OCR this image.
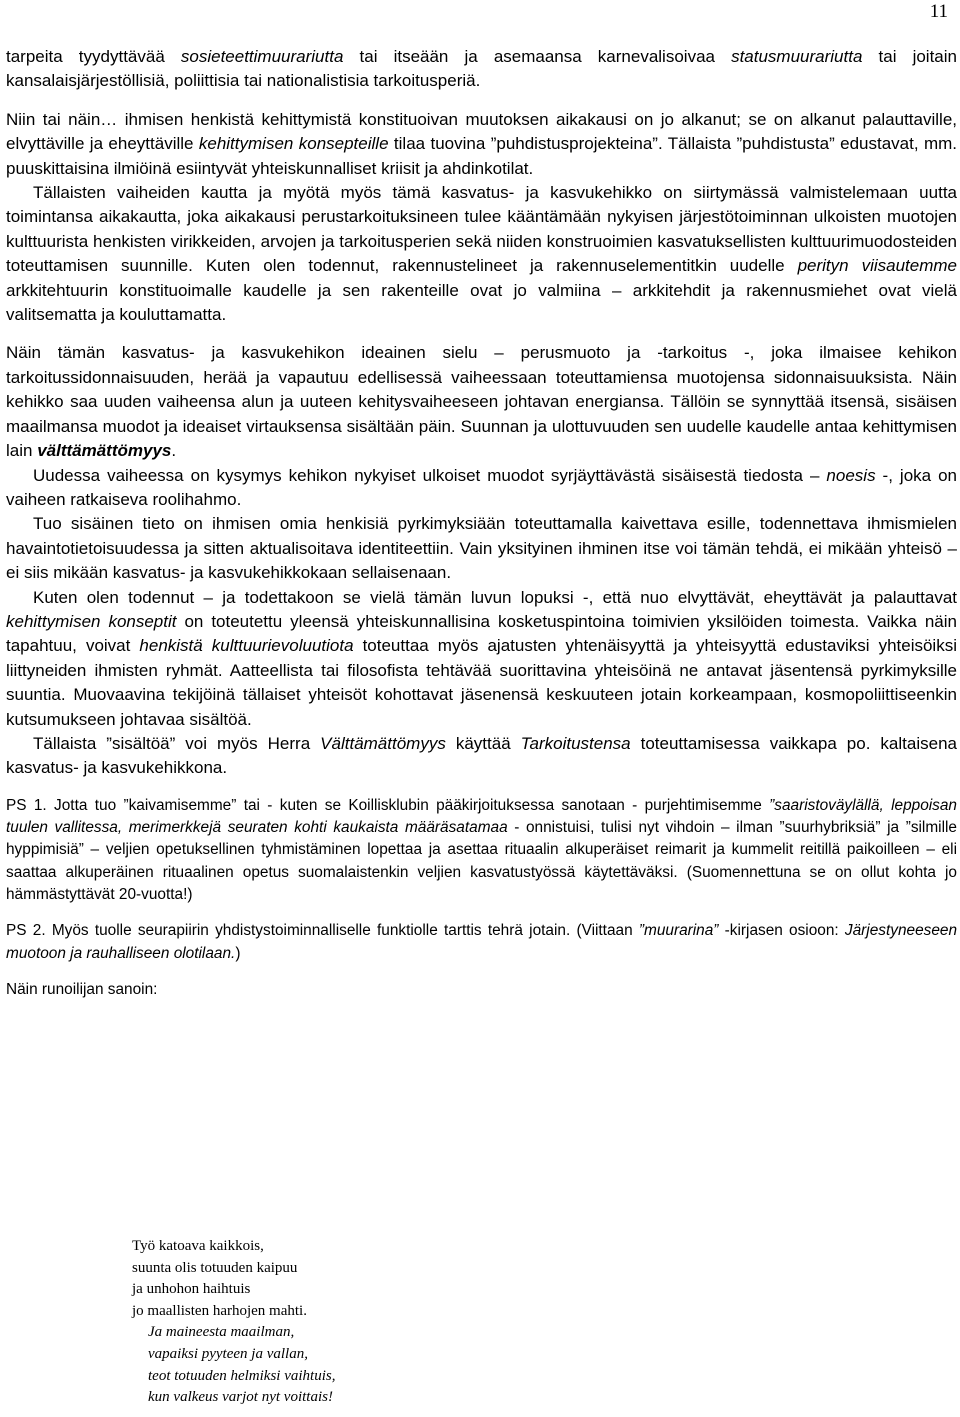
11

tarpeita tyydyttävää sosieteettimuurariutta tai itseään ja asemaansa karnevalisoivaa statusmuurariutta tai joitain kansalaisjärjestöllisiä, poliittisia tai nationalistisia tarkoitusperiä.

Niin tai näin… ihmisen henkistä kehittymistä konstituoivan muutoksen aikakausi on jo alkanut; se on alkanut palauttaville, elvyttäville ja eheyttäville kehittymisen konsepteille tilaa tuovina ”puhdistusprojekteina”. Tällaista ”puhdistusta” edustavat, mm. puuskittaisina ilmiöinä esiintyvät yhteiskunnalliset kriisit ja ahdinkotilat.

Tällaisten vaiheiden kautta ja myötä myös tämä kasvatus- ja kasvukehikko on siirtymässä valmistelemaan uutta toimintansa aikakautta, joka aikakausi perustarkoituksineen tulee kääntämään nykyisen järjestötoiminnan ulkoisten muotojen kulttuurista henkisten virikkeiden, arvojen ja tarkoitusperien sekä niiden konstruoimien kasvatuksellisten kulttuurimuodosteiden toteuttamisen suunnille. Kuten olen todennut, rakennustelineet ja rakennuselementitkin uudelle perityn viisautemme arkkitehtuurin konstituoimalle kaudelle ja sen rakenteille ovat jo valmiina – arkkitehdit ja rakennusmiehet ovat vielä valitsematta ja kouluttamatta.

Näin tämän kasvatus- ja kasvukehikon ideainen sielu – perusmuoto ja -tarkoitus -, joka ilmaisee kehikon tarkoitussidonnaisuuden, herää ja vapautuu edellisessä vaiheessaan toteuttamiensa muotojensa sidonnaisuuksista. Näin kehikko saa uuden vaiheensa alun ja uuteen kehitysvaiheeseen johtavan energiansa. Tällöin se synnyttää itsensä, sisäisen maailmansa muodot ja ideaiset virtauksensa sisältään päin. Suunnan ja ulottuvuuden sen uudelle kaudelle antaa kehittymisen lain välttämättömyys.

Uudessa vaiheessa on kysymys kehikon nykyiset ulkoiset muodot syrjäyttävästä sisäisestä tiedosta – noesis -, joka on vaiheen ratkaiseva roolihahmo.

Tuo sisäinen tieto on ihmisen omia henkisiä pyrkimyksiään toteuttamalla kaivettava esille, todennettava ihmismielen havaintotietoisuudessa ja sitten aktualisoitava identiteettiin. Vain yksityinen ihminen itse voi tämän tehdä, ei mikään yhteisö – ei siis mikään kasvatus- ja kasvukehikkokaan sellaisenaan.

Kuten olen todennut – ja todettakoon se vielä tämän luvun lopuksi -, että nuo elvyttävät, eheyttävät ja palauttavat kehittymisen konseptit on toteutettu yleensä yhteiskunnallisina kosketuspintoina toimivien yksilöiden toimesta. Vaikka näin tapahtuu, voivat henkistä kulttuurievoluutiota toteuttaa myös ajatusten yhtenäisyyttä ja yhteisyyttä edustaviksi yhteisöiksi liittyneiden ihmisten ryhmät. Aatteellista tai filosofista tehtävää suorittavina yhteisöinä ne antavat jäsentensä pyrkimyksille suuntia. Muovaavina tekijöinä tällaiset yhteisöt kohottavat jäsenensä keskuuteen jotain korkeampaan, kosmopoliittiseenkin kutsumukseen johtavaa sisältöä.

Tällaista ”sisältöä” voi myös Herra Välttämättömyys käyttää Tarkoitustensa toteuttamisessa vaikkapa po. kaltaisena kasvatus- ja kasvukehikkona.

PS 1. Jotta tuo ”kaivamisemme” tai - kuten se Koillisklubin pääkirjoituksessa sanotaan - purjehtimisemme ”saaristoväylällä, leppoisan tuulen vallitessa, merimerkkejä seuraten kohti kaukaista määräsatamaa - onnistuisi, tulisi nyt vihdoin – ilman ”suurhybriksiä” ja ”silmille hyppimisiä” – veljien opetuksellinen tyhmistäminen lopettaa ja asettaa rituaalin alkuperäiset reimarit ja kummelit reitillä paikoilleen – eli saattaa alkuperäinen rituaalinen opetus suomalaistenkin veljien kasvatustyössä käytettäväksi. (Suomennettuna se on ollut kohta jo hämmästyttävät 20-vuotta!)

PS 2. Myös tuolle seurapiirin yhdistystoiminnalliselle funktiolle tarttis tehrä jotain. (Viittaan ”muurarina” -kirjasen osioon: Järjestyneeseen muotoon ja rauhalliseen olotilaan.)

Näin runoilijan sanoin:

Työ katoava kaikkois,
suunta olis totuuden kaipuu
ja unhohon haihtuis
jo maallisten harhojen mahti.
Ja maineesta maailman,
vapaiksi pyyteen ja vallan,
teot totuuden helmiksi vaihtuis,
kun valkeus varjot nyt voittais!
